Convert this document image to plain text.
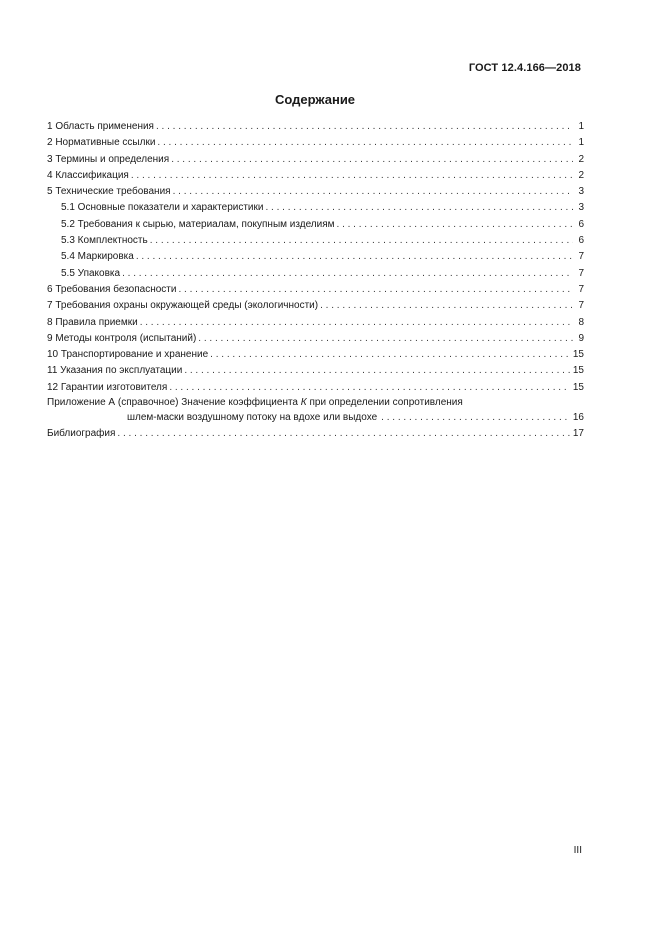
ГОСТ 12.4.166—2018
Содержание
1 Область применения . . .	1
2 Нормативные ссылки . . .	1
3 Термины и определения . . .	2
4 Классификация . . .	2
5 Технические требования . . .	3
5.1 Основные показатели и характеристики . . .	3
5.2 Требования к сырью, материалам, покупным изделиям . . .	6
5.3 Комплектность . . .	6
5.4 Маркировка . . .	7
5.5 Упаковка . . .	7
6 Требования безопасности . . .	7
7 Требования охраны окружающей среды (экологичности) . . .	7
8 Правила приемки . . .	8
9 Методы контроля (испытаний) . . .	9
10 Транспортирование и хранение . . .	15
11 Указания по эксплуатации . . .	15
12 Гарантии изготовителя . . .	15
Приложение А (справочное) Значение коэффициента К при определении сопротивления
шлем-маски воздушному потоку на вдохе или выдохе . . .	16
Библиография . . .	17
III
